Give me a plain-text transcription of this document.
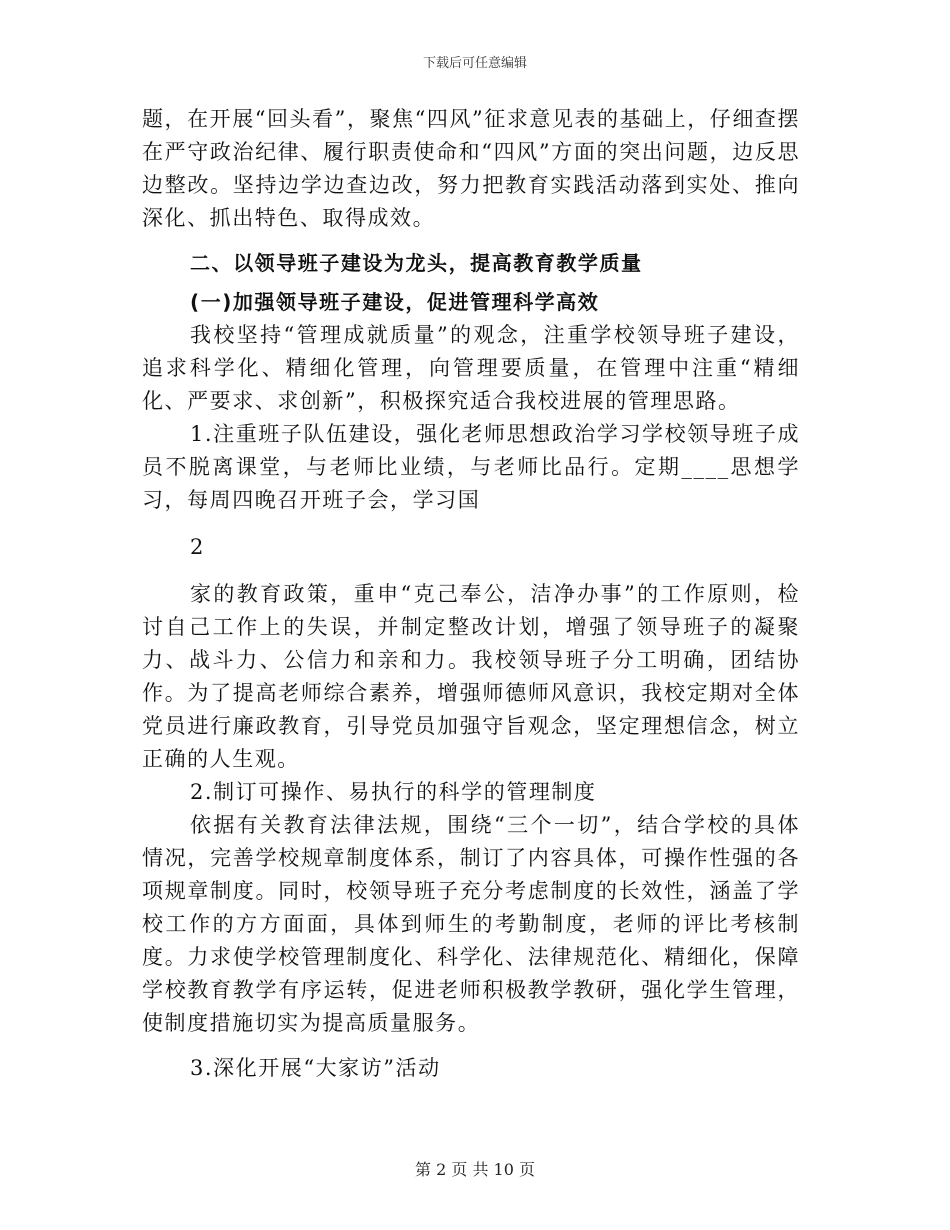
下载后可任意编辑

题，在开展“回头看”，聚焦“四风”征求意见表的基础上，仔细查摆在严守政治纪律、履行职责使命和“四风”方面的突出问题，边反思边整改。坚持边学边查边改，努力把教育实践活动落到实处、推向深化、抓出特色、取得成效。

二、以领导班子建设为龙头，提高教育教学质量

(一)加强领导班子建设，促进管理科学高效

我校坚持“管理成就质量”的观念，注重学校领导班子建设，追求科学化、精细化管理，向管理要质量，在管理中注重“精细化、严要求、求创新”，积极探究适合我校进展的管理思路。

1.注重班子队伍建设，强化老师思想政治学习学校领导班子成员不脱离课堂，与老师比业绩，与老师比品行。定期____思想学习，每周四晚召开班子会，学习国

2

家的教育政策，重申“克己奉公，洁净办事”的工作原则，检讨自己工作上的失误，并制定整改计划，增强了领导班子的凝聚力、战斗力、公信力和亲和力。我校领导班子分工明确，团结协作。为了提高老师综合素养，增强师德师风意识，我校定期对全体党员进行廉政教育，引导党员加强守旨观念，坚定理想信念，树立正确的人生观。

2.制订可操作、易执行的科学的管理制度

依据有关教育法律法规，围绕“三个一切”，结合学校的具体情况，完善学校规章制度体系，制订了内容具体，可操作性强的各项规章制度。同时，校领导班子充分考虑制度的长效性，涵盖了学校工作的方方面面，具体到师生的考勤制度，老师的评比考核制度。力求使学校管理制度化、科学化、法律规范化、精细化，保障学校教育教学有序运转，促进老师积极教学教研，强化学生管理，使制度措施切实为提高质量服务。

3.深化开展“大家访”活动

第 2 页 共 10 页
